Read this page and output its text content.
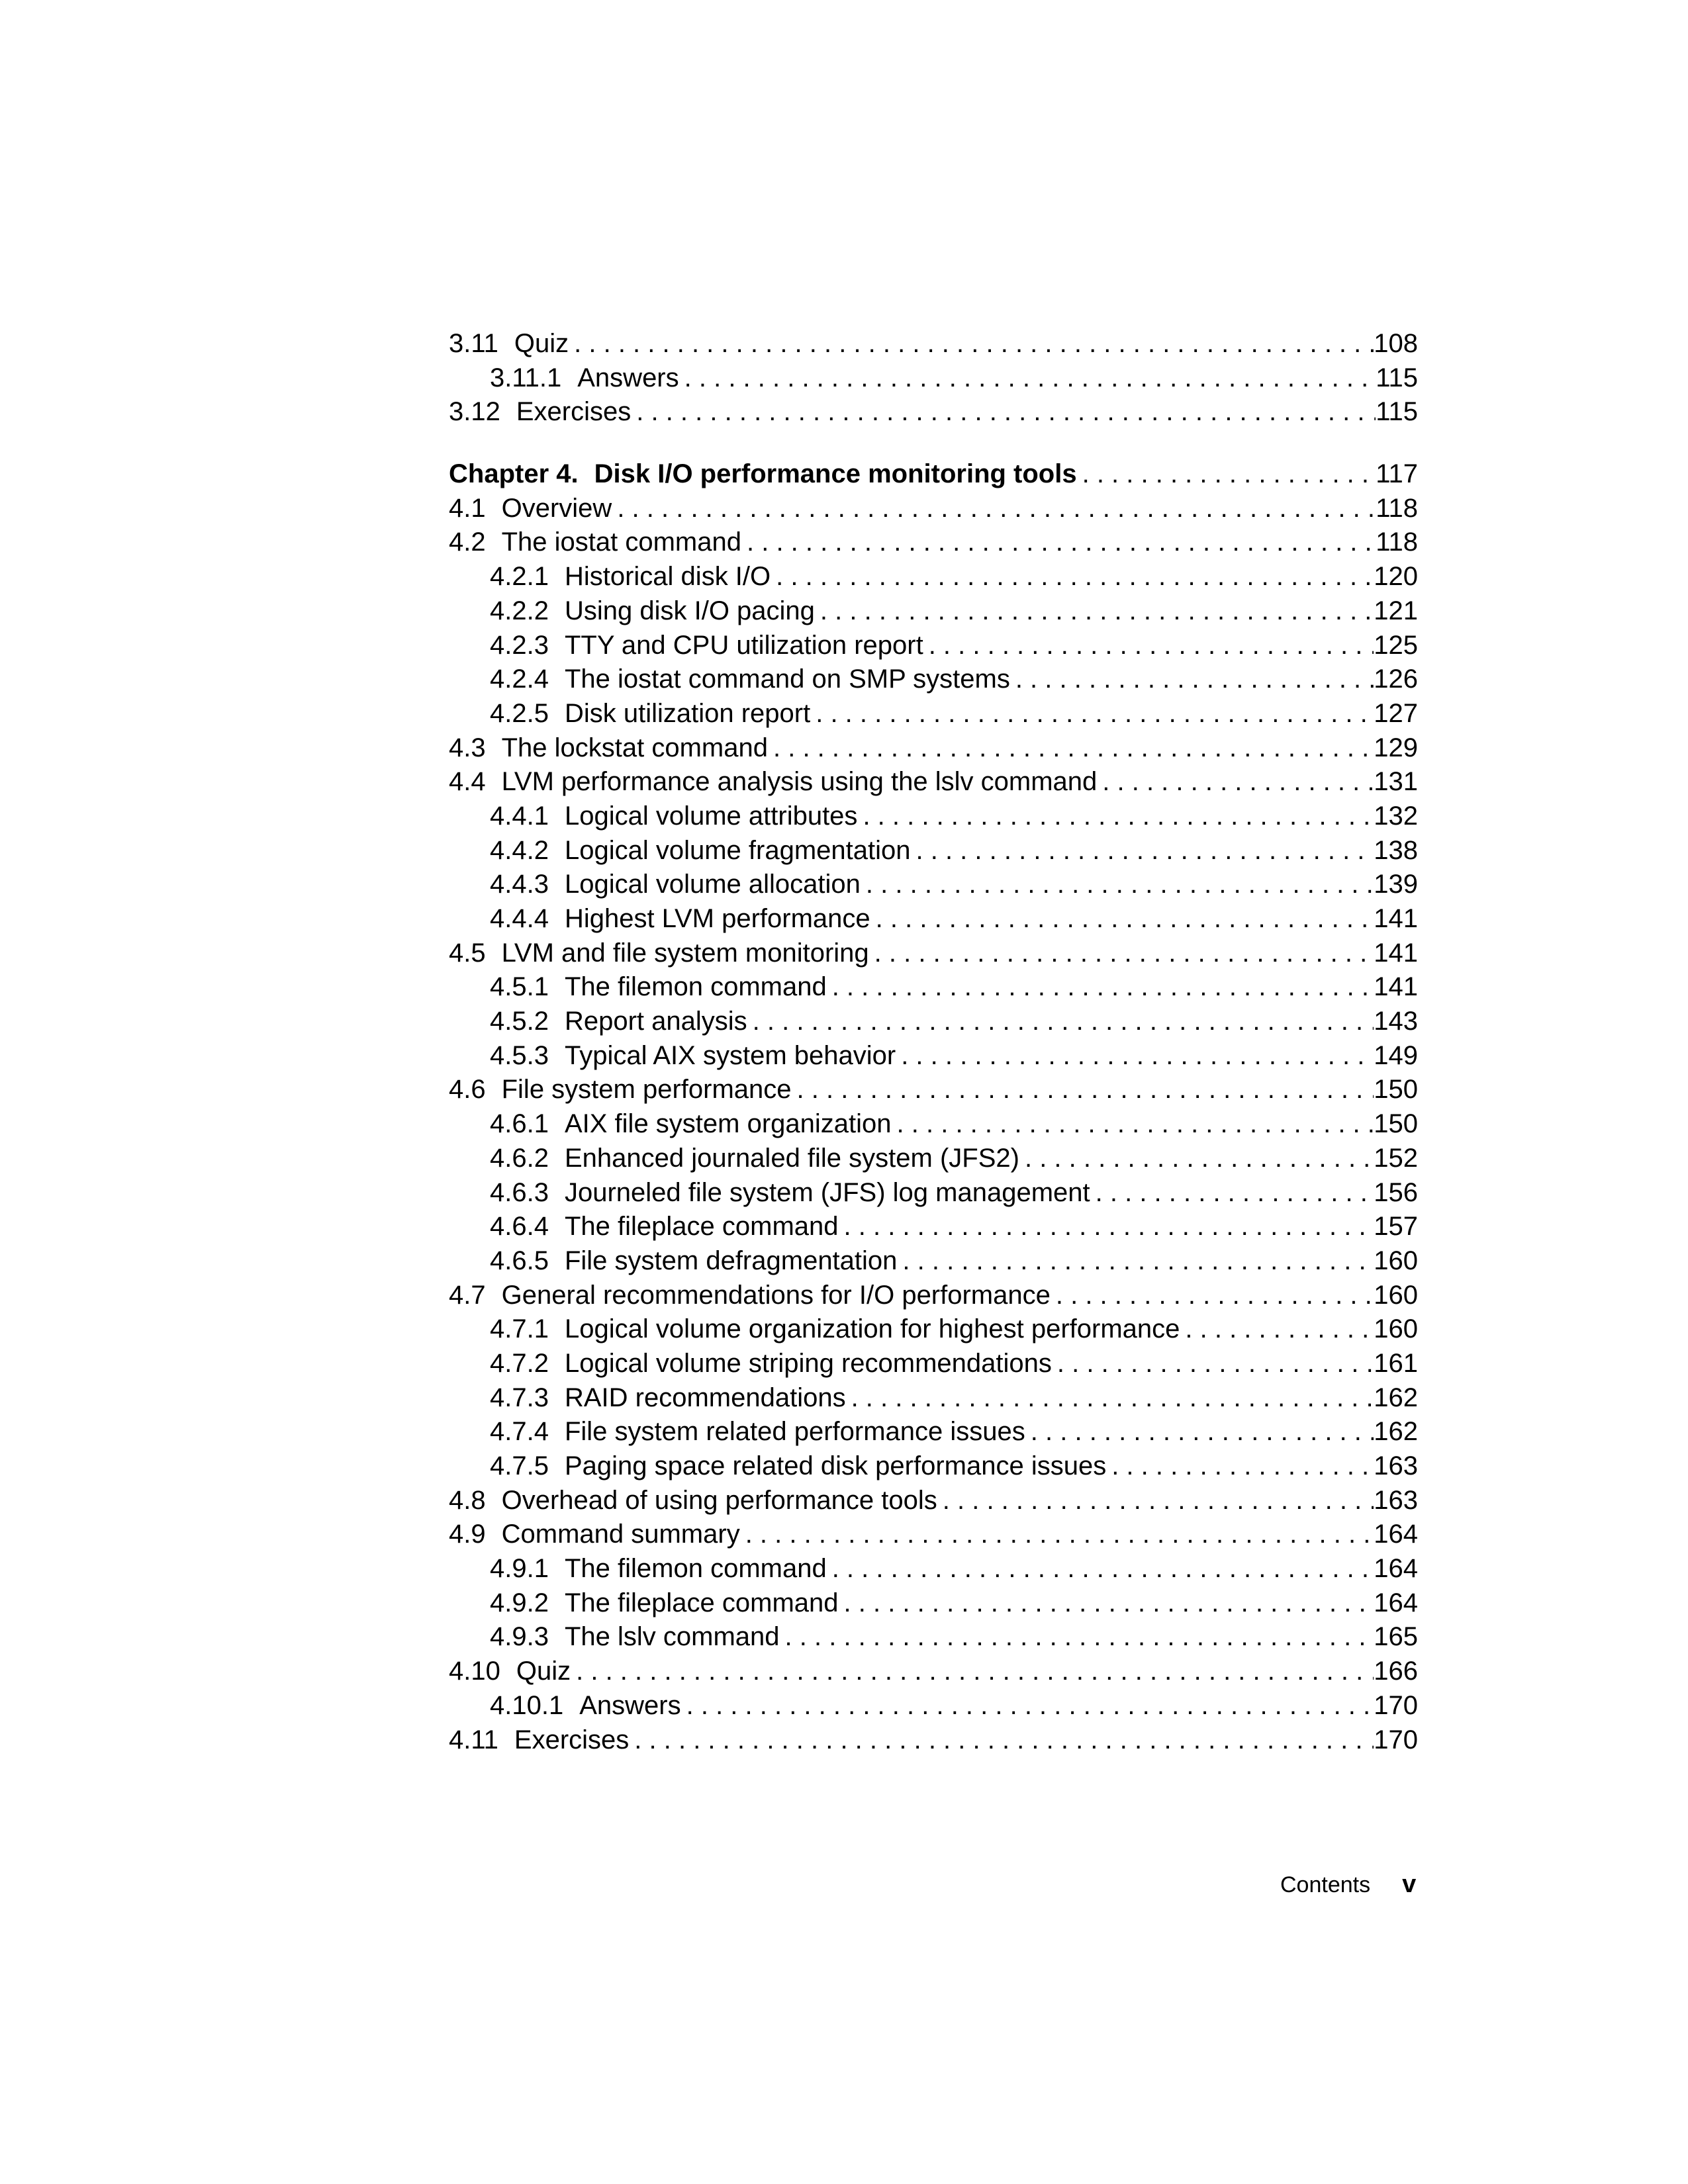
3.11 Quiz . . .	108
3.11.1 Answers . . .	115
3.12 Exercises . . .	115
Chapter 4. Disk I/O performance monitoring tools . . .	117
4.1 Overview . . .	118
4.2 The iostat command . . .	118
4.2.1 Historical disk I/O . . .	120
4.2.2 Using disk I/O pacing . . .	121
4.2.3 TTY and CPU utilization report . . .	125
4.2.4 The iostat command on SMP systems . . .	126
4.2.5 Disk utilization report . . .	127
4.3 The lockstat command . . .	129
4.4 LVM performance analysis using the lslv command . . .	131
4.4.1 Logical volume attributes . . .	132
4.4.2 Logical volume fragmentation . . .	138
4.4.3 Logical volume allocation . . .	139
4.4.4 Highest LVM performance . . .	141
4.5 LVM and file system monitoring . . .	141
4.5.1 The filemon command . . .	141
4.5.2 Report analysis . . .	143
4.5.3 Typical AIX system behavior . . .	149
4.6 File system performance . . .	150
4.6.1 AIX file system organization . . .	150
4.6.2 Enhanced journaled file system (JFS2) . . .	152
4.6.3 Journeled file system (JFS) log management . . .	156
4.6.4 The fileplace command . . .	157
4.6.5 File system defragmentation . . .	160
4.7 General recommendations for I/O performance . . .	160
4.7.1 Logical volume organization for highest performance . . .	160
4.7.2 Logical volume striping recommendations . . .	161
4.7.3 RAID recommendations . . .	162
4.7.4 File system related performance issues . . .	162
4.7.5 Paging space related disk performance issues . . .	163
4.8 Overhead of using performance tools . . .	163
4.9 Command summary . . .	164
4.9.1 The filemon command . . .	164
4.9.2 The fileplace command . . .	164
4.9.3 The lslv command . . .	165
4.10 Quiz . . .	166
4.10.1 Answers . . .	170
4.11 Exercises . . .	170
Contents v
